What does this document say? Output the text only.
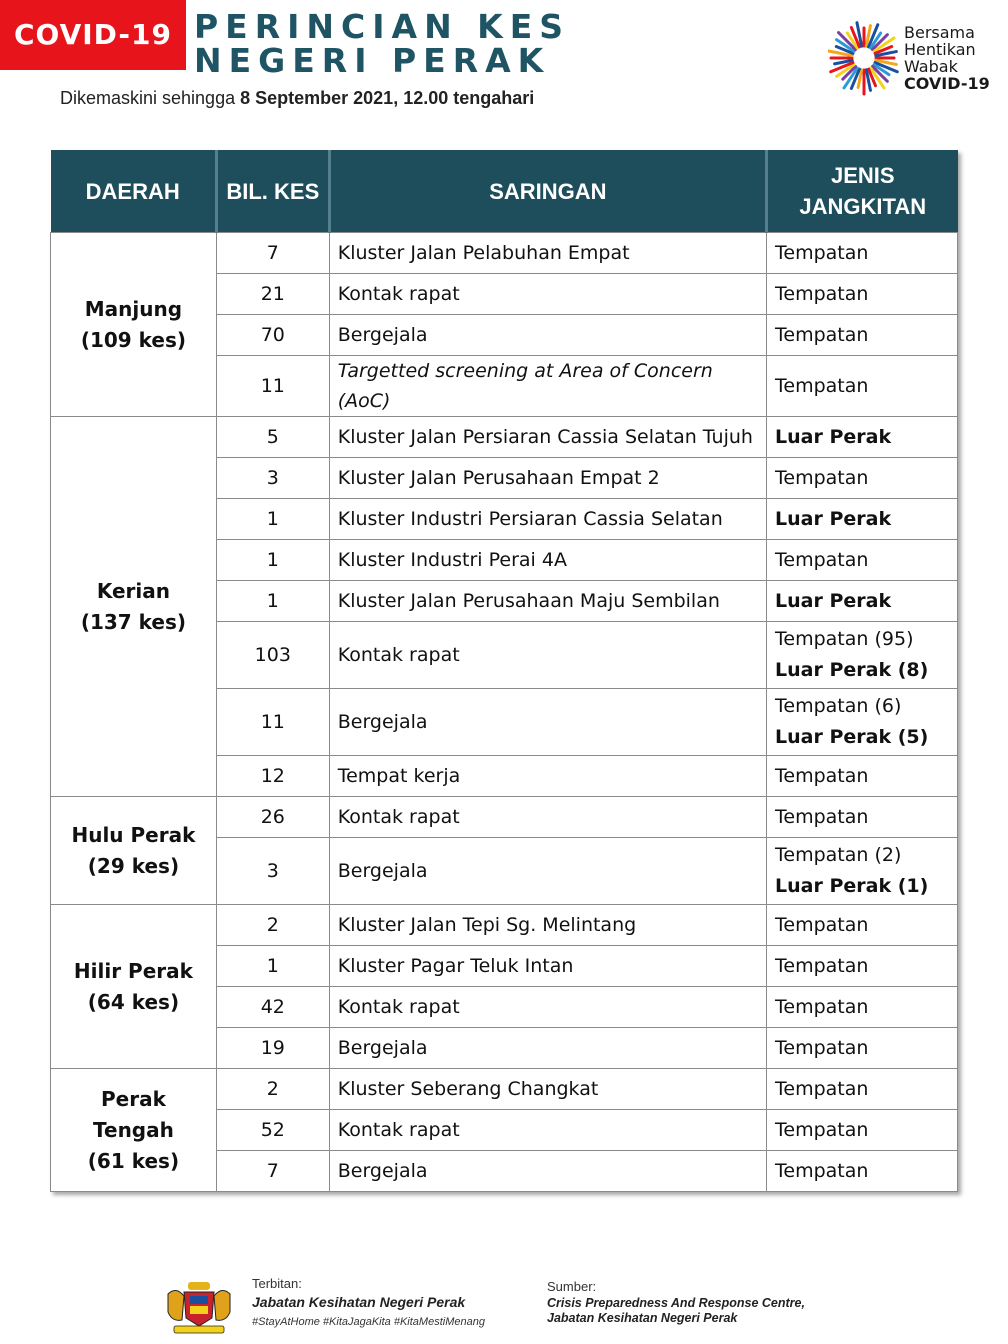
COVID-19 PERINCIAN KES
NEGERI PERAK
Dikemaskini sehingga 8 September 2021, 12.00 tengahari
Bersama
Hentikan
Wabak
COVID-19
DAERAH	BIL. KES	SARINGAN	JENIS JANGKITAN

Manjung
(109 kes)	7	Kluster Jalan Pelabuhan Empat	Tempatan

	21	Kontak rapat	Tempatan

	70	Bergejala	Tempatan

	11	Targetted screening at Area of Concern (AoC)	Tempatan

Kerian
(137 kes)	5	Kluster Jalan Persiaran Cassia Selatan Tujuh	Luar Perak

	3	Kluster Jalan Perusahaan Empat 2	Tempatan

	1	Kluster Industri Persiaran Cassia Selatan	Luar Perak

	1	Kluster Industri Perai 4A	Tempatan

	1	Kluster Jalan Perusahaan Maju Sembilan	Luar Perak

	103	Kontak rapat	Tempatan (95)
Luar Perak (8)

	11	Bergejala	Tempatan (6)
Luar Perak (5)

	12	Tempat kerja	Tempatan

Hulu Perak
(29 kes)	26	Kontak rapat	Tempatan

	3	Bergejala	Tempatan (2)
Luar Perak (1)

Hilir Perak
(64 kes)	2	Kluster Jalan Tepi Sg. Melintang	Tempatan

	1	Kluster Pagar Teluk Intan	Tempatan

	42	Kontak rapat	Tempatan

	19	Bergejala	Tempatan

Perak Tengah
(61 kes)	2	Kluster Seberang Changkat	Tempatan

	52	Kontak rapat	Tempatan

	7	Bergejala	Tempatan
Terbitan:
Jabatan Kesihatan Negeri Perak
#StayAtHome #KitaJagaKita #KitaMestiMenang
Sumber:
Crisis Preparedness And Response Centre,
Jabatan Kesihatan Negeri Perak
